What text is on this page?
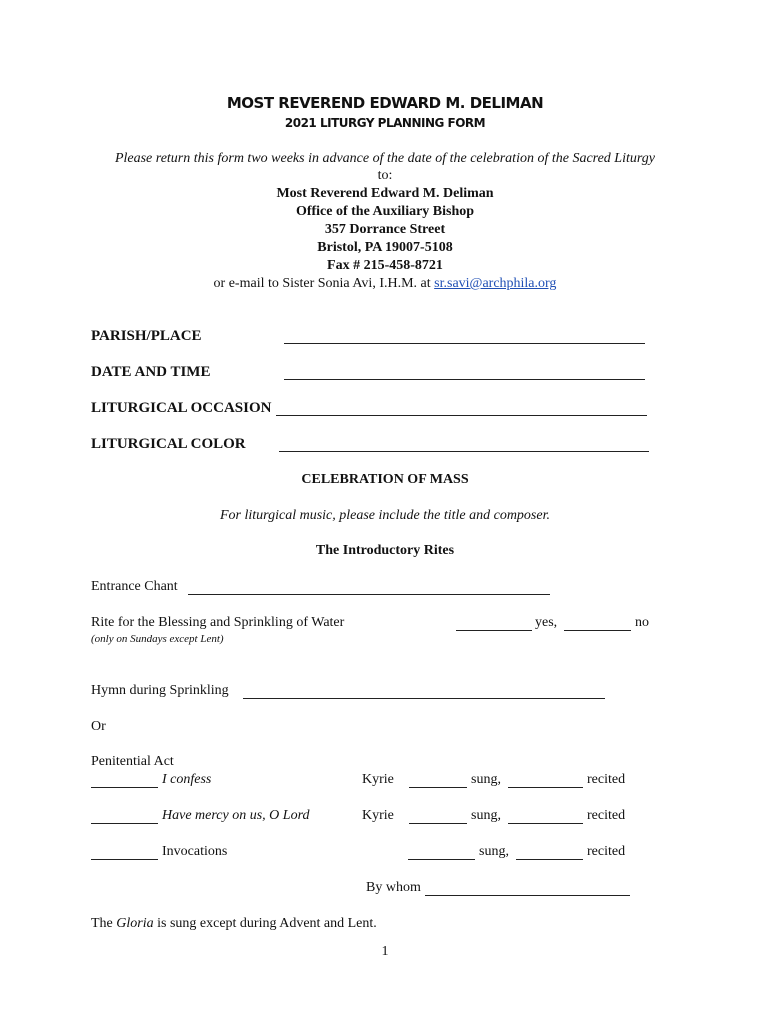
MOST REVEREND EDWARD M. DELIMAN
2021 LITURGY PLANNING FORM
Please return this form two weeks in advance of the date of the celebration of the Sacred Liturgy
to:
Most Reverend Edward M. Deliman
Office of the Auxiliary Bishop
357 Dorrance Street
Bristol, PA 19007-5108
Fax # 215-458-8721
or e-mail to Sister Sonia Avi, I.H.M. at sr.savi@archphila.org
PARISH/PLACE
DATE AND TIME
LITURGICAL OCCASION
LITURGICAL COLOR
CELEBRATION OF MASS
For liturgical music, please include the title and composer.
The Introductory Rites
Entrance Chant
Rite for the Blessing and Sprinkling of Water	yes,	no
(only on Sundays except Lent)
Hymn during Sprinkling
Or
Penitential Act
I confess	Kyrie	sung,	recited
Have mercy on us, O Lord	Kyrie	sung,	recited
Invocations	sung,	recited
By whom
The Gloria is sung except during Advent and Lent.
1
